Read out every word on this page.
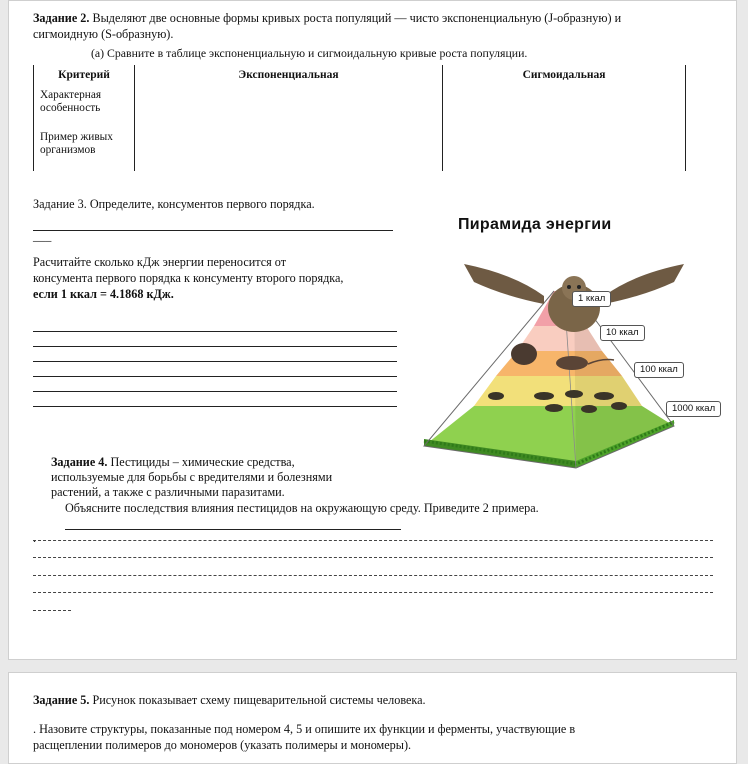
Задание 2. Выделяют две основные формы кривых роста популяций — чисто экспоненциальную (J-образную) и
сигмоидную (S-образную).
(а) Сравните в таблице экспоненциальную и сигмоидальную кривые роста популяции.
Критерий	Экспоненциальная	Сигмоидальная
Характерная
особенность		
Пример живых
организмов		
Задание 3. Определите, консументов первого порядка.
___
Расчитайте сколько кДж энергии переносится от
консумента первого порядка к консументу второго порядка,
если 1 ккал = 4.1868 кДж.
Пирамида энергии
1 ккал
10 ккал
100 ккал
1000 ккал
Задание 4. Пестициды – химические средства,
используемые для борьбы с вредителями и болезнями
растений, а также с различными паразитами.
Объясните последствия влияния пестицидов на окружающую среду. Приведите 2 примера.
.
Задание 5. Рисунок показывает схему пищеварительной системы человека.
. Назовите структуры, показанные под номером 4, 5 и опишите их функции и ферменты, участвующие в
расщеплении полимеров до мономеров (указать полимеры и мономеры).
